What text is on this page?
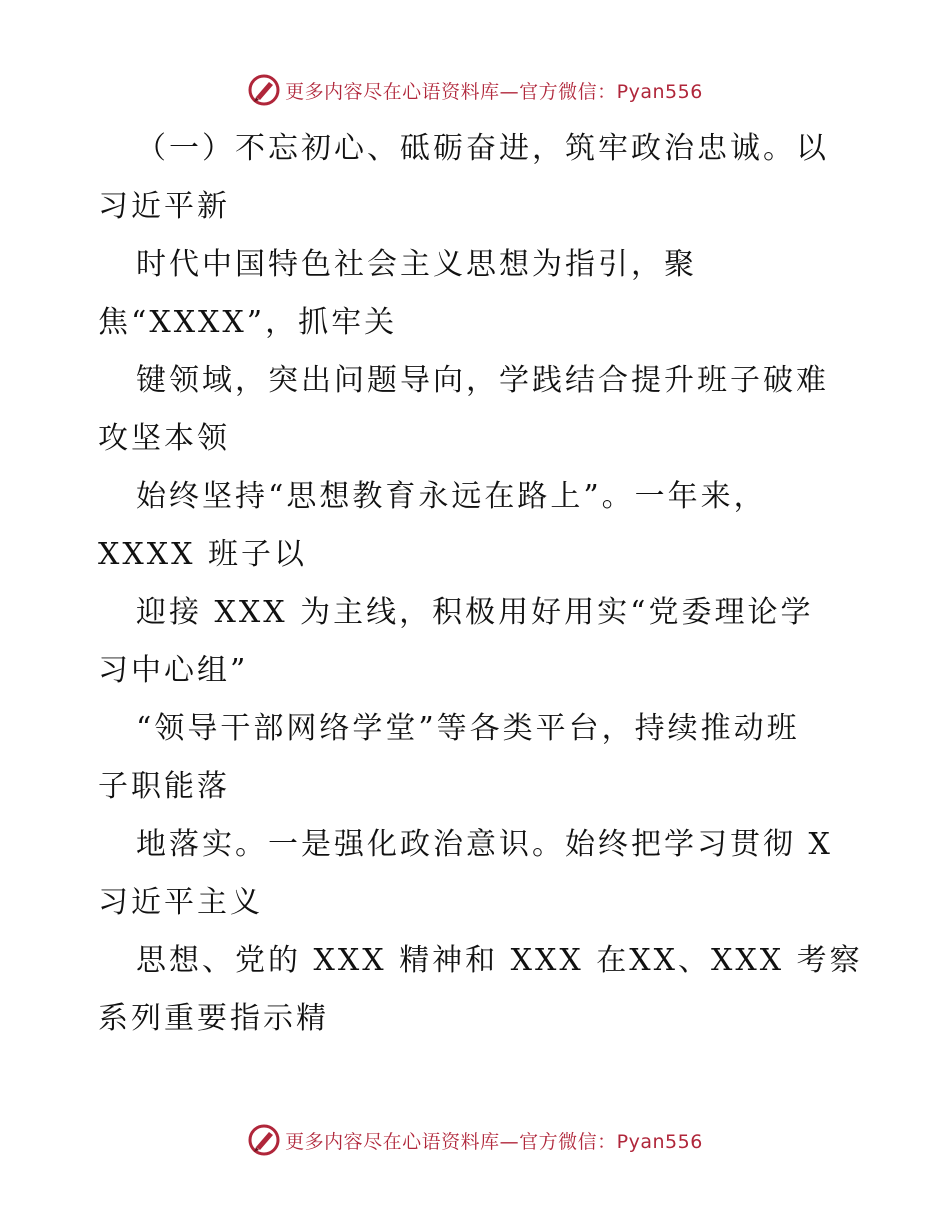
更多内容尽在心语资料库—官方微信：Pyan556

（一）不忘初心、砥砺奋进，筑牢政治忠诚。以
习近平新
时代中国特色社会主义思想为指引，聚
焦“XXXX”，抓牢关
键领域，突出问题导向，学践结合提升班子破难
攻坚本领
始终坚持“思想教育永远在路上”。一年来，
XXXX 班子以
迎接 XXX 为主线，积极用好用实“党委理论学
习中心组”
“领导干部网络学堂”等各类平台，持续推动班
子职能落
地落实。一是强化政治意识。始终把学习贯彻 X
习近平主义
思想、党的 XXX 精神和 XXX 在XX、XXX 考察
系列重要指示精

更多内容尽在心语资料库—官方微信：Pyan556
